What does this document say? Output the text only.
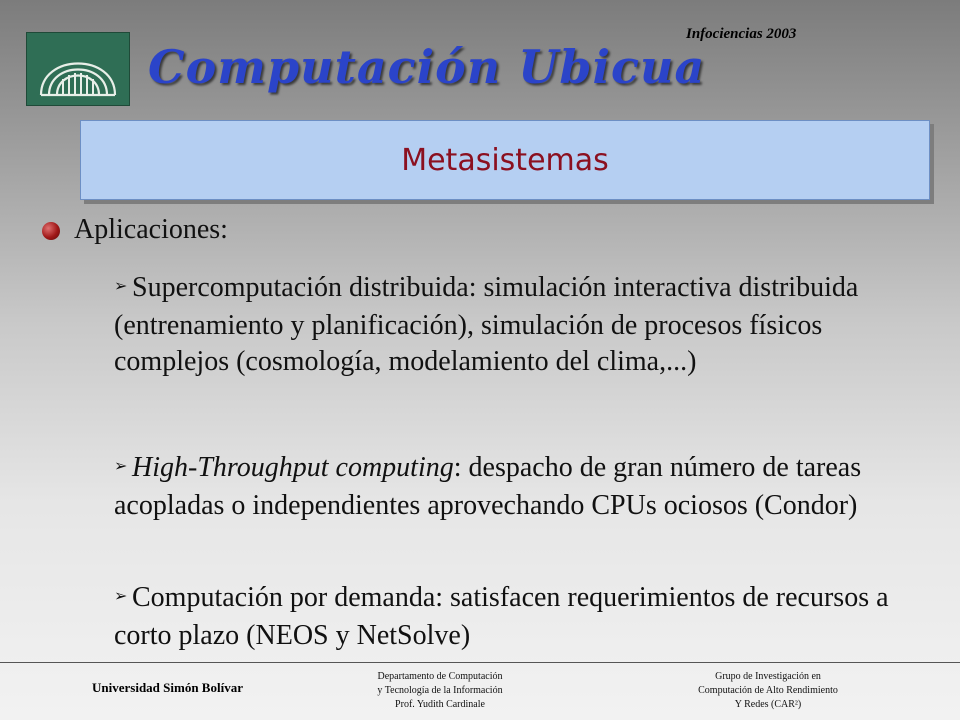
Computación Ubicua
Infociencias 2003
Metasistemas
Aplicaciones:
➢ Supercomputación distribuida: simulación interactiva distribuida (entrenamiento y planificación), simulación de procesos físicos complejos (cosmología, modelamiento del clima,...)
➢ High-Throughput computing: despacho de gran número de tareas acopladas o independientes aprovechando CPUs ociosos (Condor)
➢ Computación por demanda: satisfacen requerimientos de recursos a corto plazo (NEOS y NetSolve)
Universidad Simón Bolívar
Departamento de Computación
y Tecnología de la Información
Prof. Yudith Cardinale
Grupo de Investigación en
Computación de Alto Rendimiento
Y Redes (CAR²)
